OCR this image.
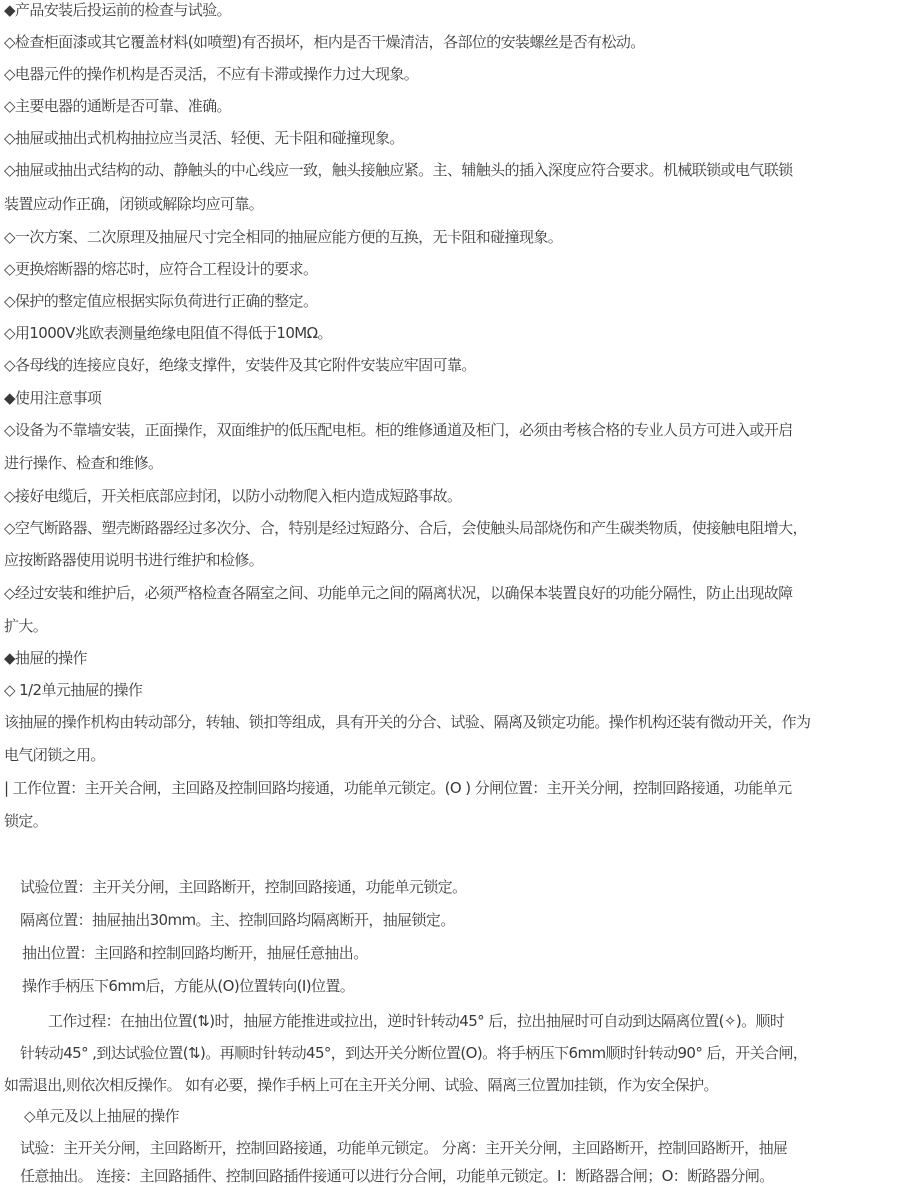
◆产品安装后投运前的检查与试验。
◇检查柜面漆或其它覆盖材料(如喷塑)有否损坏，柜内是否干燥清洁，各部位的安装螺丝是否有松动。
◇电器元件的操作机构是否灵活，不应有卡滞或操作力过大现象。
◇主要电器的通断是否可靠、准确。
◇抽屉或抽出式机构抽拉应当灵活、轻便、无卡阻和碰撞现象。
◇抽屉或抽出式结构的动、静触头的中心线应一致，触头接触应紧。主、辅触头的插入深度应符合要求。机械联锁或电气联锁
装置应动作正确，闭锁或解除均应可靠。
◇一次方案、二次原理及抽屉尺寸完全相同的抽屉应能方便的互换，无卡阻和碰撞现象。
◇更换熔断器的熔芯时，应符合工程设计的要求。
◇保护的整定值应根据实际负荷进行正确的整定。
◇用1000V兆欧表测量绝缘电阻值不得低于10MΩ。
◇各母线的连接应良好，绝缘支撑件，安装件及其它附件安装应牢固可靠。
◆使用注意事项
◇设备为不靠墙安装，正面操作，双面维护的低压配电柜。柜的维修通道及柜门，必须由考核合格的专业人员方可进入或开启
进行操作、检查和维修。
◇接好电缆后，开关柜底部应封闭，以防小动物爬入柜内造成短路事故。
◇空气断路器、塑壳断路器经过多次分、合，特别是经过短路分、合后，会使触头局部烧伤和产生碳类物质，使接触电阻增大，
应按断路器使用说明书进行维护和检修。
◇经过安装和维护后，必须严格检查各隔室之间、功能单元之间的隔离状况，以确保本装置良好的功能分隔性，防止出现故障
扩大。
◆抽屉的操作
◇ 1/2单元抽屉的操作
该抽屉的操作机构由转动部分，转轴、锁扣等组成，具有开关的分合、试验、隔离及锁定功能。操作机构还装有微动开关，作为
电气闭锁之用。
| 工作位置：主开关合闸，主回路及控制回路均接通，功能单元锁定。(O ) 分闸位置：主开关分闸，控制回路接通，功能单元
锁定。
试验位置：主开关分闸，主回路断开，控制回路接通，功能单元锁定。
隔离位置：抽屉抽出30mm。主、控制回路均隔离断开，抽屉锁定。
抽出位置：主回路和控制回路均断开，抽屉任意抽出。
操作手柄压下6mm后，方能从(O)位置转向(I)位置。
工作过程：在抽出位置(⇅)时，抽屉方能推进或拉出，逆时针转动45° 后，拉出抽屉时可自动到达隔离位置(✧)。顺时
针转动45° ,到达试验位置(⇅)。再顺时针转动45°，到达开关分断位置(O)。将手柄压下6mm顺时针转动90° 后，开关合闸，
如需退出,则依次相反操作。 如有必要，操作手柄上可在主开关分闸、试验、隔离三位置加挂锁，作为安全保护。
◇单元及以上抽屉的操作
试验：主开关分闸，主回路断开，控制回路接通，功能单元锁定。 分离：主开关分闸，主回路断开，控制回路断开，抽屉
任意抽出。 连接：主回路插件、控制回路插件接通可以进行分合闸，功能单元锁定。I：断路器合闸；O：断路器分闸。
